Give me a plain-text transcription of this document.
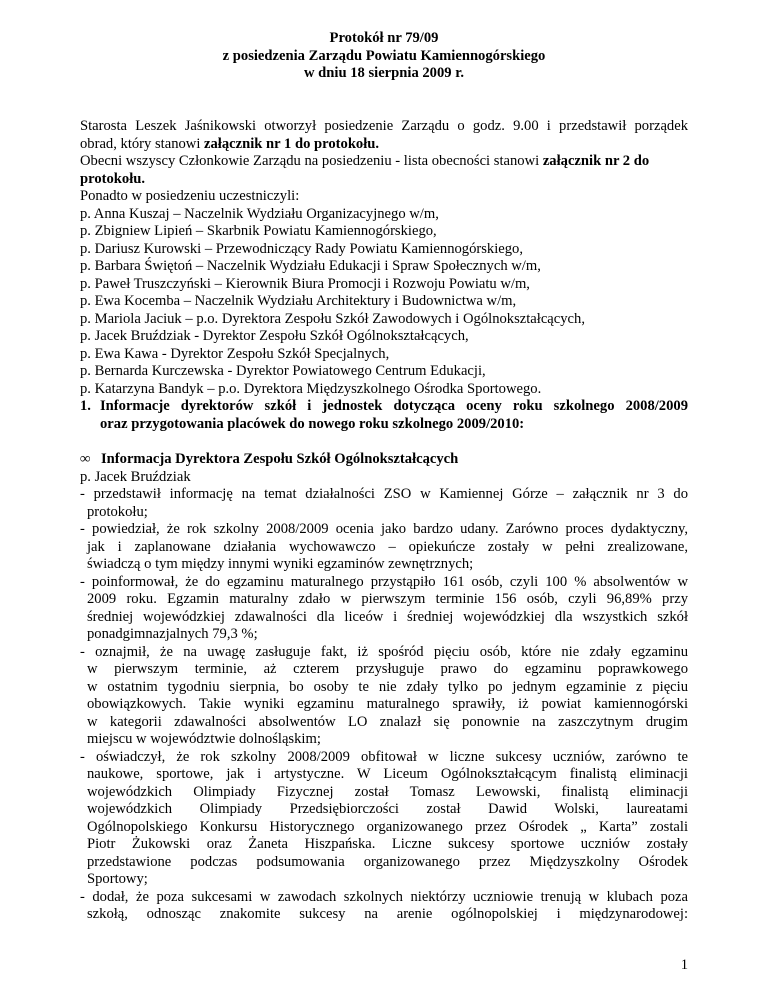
Protokół nr 79/09
z posiedzenia Zarządu Powiatu Kamiennogórskiego
w dniu 18 sierpnia 2009 r.
Starosta Leszek Jaśnikowski otworzył posiedzenie Zarządu o godz. 9.00 i przedstawił porządek
obrad, który stanowi załącznik nr 1 do protokołu.
Obecni wszyscy Członkowie Zarządu na posiedzeniu - lista obecności stanowi załącznik nr 2 do
protokołu.
Ponadto w posiedzeniu uczestniczyli:
p. Anna Kuszaj – Naczelnik Wydziału Organizacyjnego w/m,
p. Zbigniew Lipień – Skarbnik Powiatu Kamiennogórskiego,
p. Dariusz Kurowski – Przewodniczący Rady Powiatu Kamiennogórskiego,
p. Barbara Świętoń – Naczelnik Wydziału Edukacji i Spraw Społecznych w/m,
p. Paweł Truszczyński – Kierownik Biura Promocji i Rozwoju Powiatu w/m,
p. Ewa Kocemba – Naczelnik Wydziału Architektury i Budownictwa w/m,
p. Mariola Jaciuk – p.o. Dyrektora Zespołu Szkół Zawodowych i Ogólnokształcących,
p. Jacek Bruździak - Dyrektor Zespołu Szkół Ogólnokształcących,
p. Ewa Kawa - Dyrektor Zespołu Szkół Specjalnych,
p. Bernarda Kurczewska - Dyrektor Powiatowego Centrum Edukacji,
p. Katarzyna Bandyk – p.o. Dyrektora Międzyszkolnego Ośrodka Sportowego.
1. Informacje dyrektorów szkół i jednostek dotycząca oceny roku szkolnego 2008/2009
oraz przygotowania placówek do nowego roku szkolnego 2009/2010:
∞ Informacja Dyrektora Zespołu Szkół Ogólnokształcących
p. Jacek Bruździak
- przedstawił informację na temat działalności ZSO w Kamiennej Górze – załącznik nr 3 do
protokołu;
- powiedział, że rok szkolny 2008/2009 ocenia jako bardzo udany. Zarówno proces dydaktyczny,
jak i zaplanowane działania wychowawczo – opiekuńcze zostały w pełni zrealizowane,
świadczą o tym między innymi wyniki egzaminów zewnętrznych;
- poinformował, że do egzaminu maturalnego przystąpiło 161 osób, czyli 100 % absolwentów w
2009 roku. Egzamin maturalny zdało w pierwszym terminie 156 osób, czyli 96,89% przy
średniej wojewódzkiej zdawalności dla liceów i średniej wojewódzkiej dla wszystkich szkół
ponadgimnazjalnych 79,3 %;
- oznajmił, że na uwagę zasługuje fakt, iż spośród pięciu osób, które nie zdały egzaminu
w pierwszym terminie, aż czterem przysługuje prawo do egzaminu poprawkowego
w ostatnim tygodniu sierpnia, bo osoby te nie zdały tylko po jednym egzaminie z pięciu
obowiązkowych. Takie wyniki egzaminu maturalnego sprawiły, iż powiat kamiennogórski
w kategorii zdawalności absolwentów LO znalazł się ponownie na zaszczytnym drugim
miejscu w województwie dolnośląskim;
- oświadczył, że rok szkolny 2008/2009 obfitował w liczne sukcesy uczniów, zarówno te
naukowe, sportowe, jak i artystyczne. W Liceum Ogólnokształcącym finalistą eliminacji
wojewódzkich Olimpiady Fizycznej został Tomasz Lewowski, finalistą eliminacji
wojewódzkich Olimpiady Przedsiębiorczości został Dawid Wolski, laureatami
Ogólnopolskiego Konkursu Historycznego organizowanego przez Ośrodek „ Karta” zostali
Piotr Żukowski oraz Żaneta Hiszpańska. Liczne sukcesy sportowe uczniów zostały
przedstawione podczas podsumowania organizowanego przez Międzyszkolny Ośrodek
Sportowy;
- dodał, że poza sukcesami w zawodach szkolnych niektórzy uczniowie trenują w klubach poza
szkołą, odnosząc znakomite sukcesy na arenie ogólnopolskiej i międzynarodowej:
1
